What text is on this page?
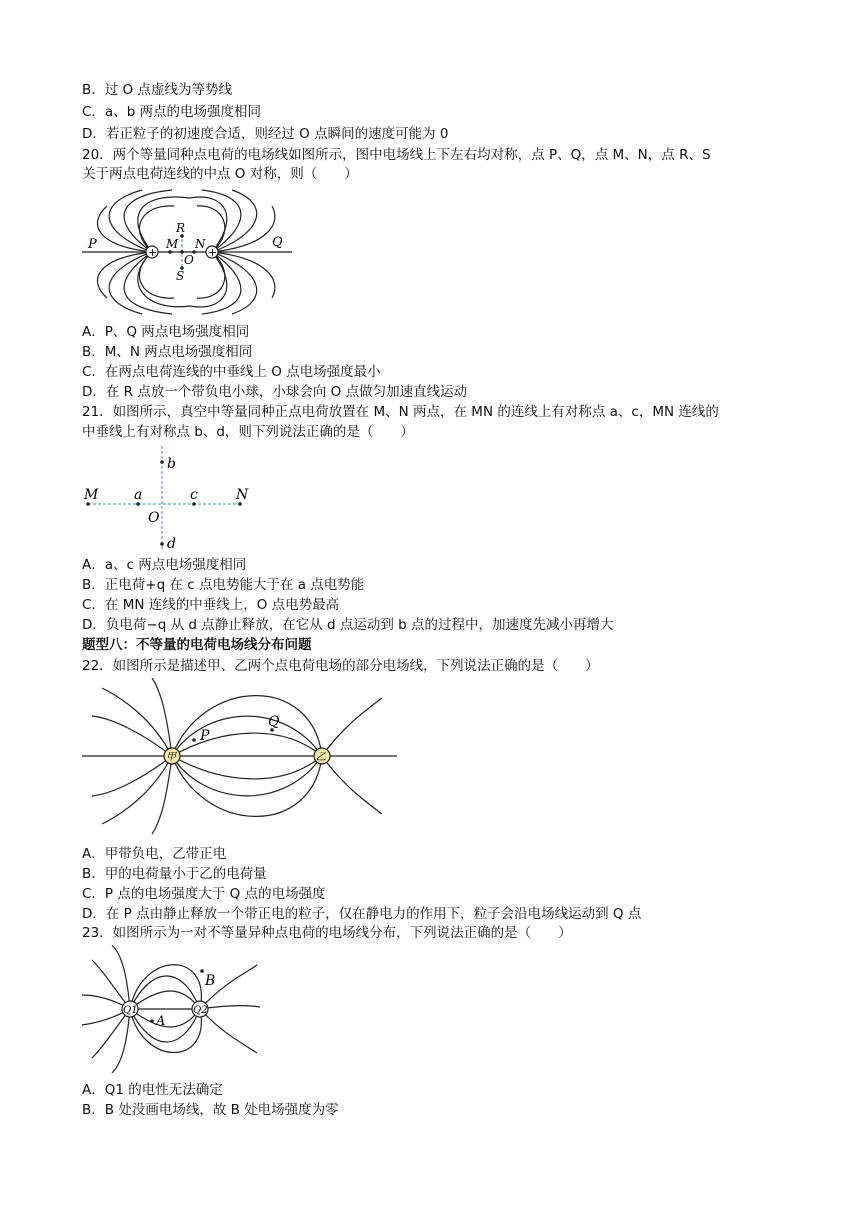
B．过 O 点虚线为等势线
C．a、b 两点的电场强度相同
D．若正粒子的初速度合适，则经过 O 点瞬间的速度可能为 0
20．两个等量同种点电荷的电场线如图所示，图中电场线上下左右均对称，点 P、Q，点 M、N，点 R、S
关于两点电荷连线的中点 O 对称，则（　　）
+	+
P	Q
R
S
M N
O
A．P、Q 两点电场强度相同
B．M、N 两点电场强度相同
C．在两点电荷连线的中垂线上 O 点电场强度最小
D．在 R 点放一个带负电小球，小球会向 O 点做匀加速直线运动
21．如图所示，真空中等量同种正点电荷放置在 M、N 两点，在 MN 的连线上有对称点 a、c，MN 连线的
中垂线上有对称点 b、d，则下列说法正确的是（　　）
M	a
O
c	N
b
d
A．a、c 两点电场强度相同
B．正电荷+q 在 c 点电势能大于在 a 点电势能
C．在 MN 连线的中垂线上，O 点电势最高
D．负电荷−q 从 d 点静止释放，在它从 d 点运动到 b 点的过程中，加速度先减小再增大
题型八：不等量的电荷电场线分布问题
22．如图所示是描述甲、乙两个点电荷电场的部分电场线，下列说法正确的是（　　）
甲	乙
P
Q
A．甲带负电，乙带正电
B．甲的电荷量小于乙的电荷量
C．P 点的电场强度大于 Q 点的电场强度
D．在 P 点由静止释放一个带正电的粒子，仅在静电力的作用下，粒子会沿电场线运动到 Q 点
23．如图所示为一对不等量异种点电荷的电场线分布，下列说法正确的是（　　）
Q1	Q2
A
B
A．Q1 的电性无法确定
B．B 处没画电场线，故 B 处电场强度为零
